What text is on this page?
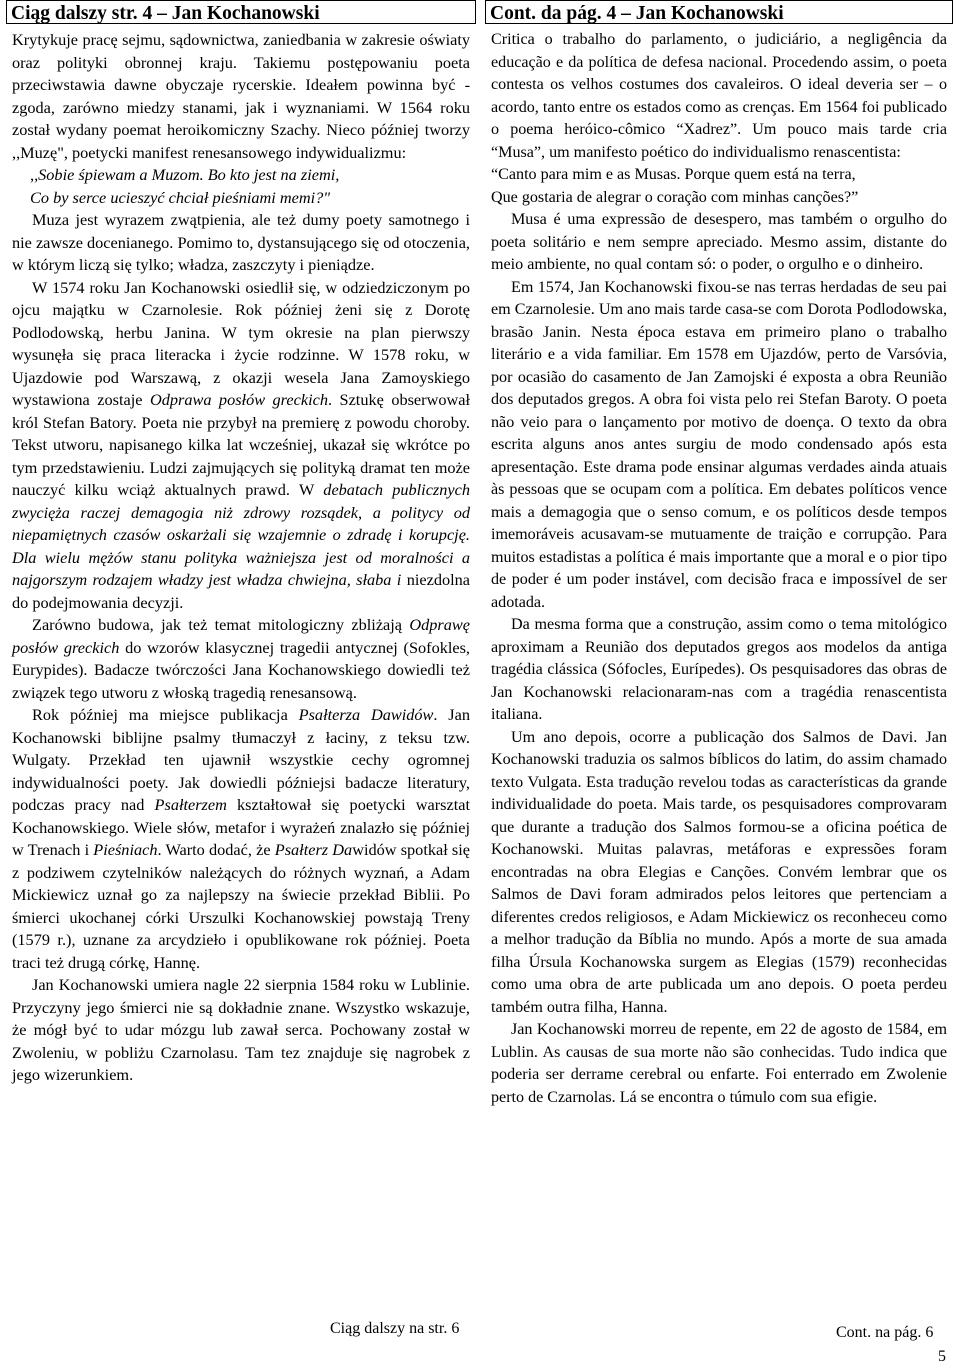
Ciąg dalszy str. 4 – Jan Kochanowski

Krytykuje pracę sejmu, sądownictwa, zaniedbania w zakresie oświaty oraz polityki obronnej kraju. Takiemu postępowaniu poeta przeciwstawia dawne obyczaje rycerskie. Ideałem powinna być - zgoda, zarówno miedzy stanami, jak i wyznaniami. W 1564 roku został wydany poemat heroikomiczny Szachy. Nieco później tworzy ,,Muzę", poetycki manifest renesansowego indywidualizmu:

,,Sobie śpiewam a Muzom. Bo kto jest na ziemi,

Co by serce ucieszyć chciał pieśniami memi?"

Muza jest wyrazem zwątpienia, ale też dumy poety samotnego i nie zawsze docenianego. Pomimo to, dystansującego się od otoczenia, w którym liczą się tylko; władza, zaszczyty i pieniądze.

W 1574 roku Jan Kochanowski osiedlił się, w odziedziczonym po ojcu majątku w Czarnolesie. Rok później żeni się z Dorotę Podlodowską, herbu Janina. W tym okresie na plan pierwszy wysunęła się praca literacka i życie rodzinne. W 1578 roku, w Ujazdowie pod Warszawą, z okazji wesela Jana Zamoyskiego wystawiona zostaje Odprawa posłów greckich. Sztukę obserwował król Stefan Batory. Poeta nie przybył na premierę z powodu choroby. Tekst utworu, napisanego kilka lat wcześniej, ukazał się wkrótce po tym przedstawieniu. Ludzi zajmujących się polityką dramat ten może nauczyć kilku wciąż aktualnych prawd. W debatach publicznych zwycięża raczej demagogia niż zdrowy rozsądek, a politycy od niepamiętnych czasów oskarżali się wzajemnie o zdradę i korupcję. Dla wielu mężów stanu polityka ważniejsza jest od moralności a najgorszym rodzajem władzy jest władza chwiejna, słaba i niezdolna do podejmowania decyzji.

Zarówno budowa, jak też temat mitologiczny zbliżają Odprawę posłów greckich do wzorów klasycznej tragedii antycznej (Sofokles, Eurypides). Badacze twórczości Jana Kochanowskiego dowiedli też związek tego utworu z włoską tragedią renesansową.

Rok później ma miejsce publikacja Psałterza Dawidów. Jan Kochanowski biblijne psalmy tłumaczył z łaciny, z teksu tzw. Wulgaty. Przekład ten ujawnił wszystkie cechy ogromnej indywidualności poety. Jak dowiedli późniejsi badacze literatury, podczas pracy nad Psałterzem kształtował się poetycki warsztat Kochanowskiego. Wiele słów, metafor i wyrażeń znalazło się później w Trenach i Pieśniach. Warto dodać, że Psałterz Dawidów spotkał się z podziwem czytelników należących do różnych wyznań, a Adam Mickiewicz uznał go za najlepszy na świecie przekład Biblii. Po śmierci ukochanej córki Urszulki Kochanowskiej powstają Treny (1579 r.), uznane za arcydzieło i opublikowane rok później. Poeta traci też drugą córkę, Hannę.

Jan Kochanowski umiera nagle 22 sierpnia 1584 roku w Lublinie. Przyczyny jego śmierci nie są dokładnie znane. Wszystko wskazuje, że mógł być to udar mózgu lub zawał serca. Pochowany został w Zwoleniu, w pobliżu Czarnolasu. Tam tez znajduje się nagrobek z jego wizerunkiem.

Ciąg dalszy na str. 6
Cont. da pág. 4 – Jan Kochanowski

Critica o trabalho do parlamento, o judiciário, a negligência da educação e da política de defesa nacional. Procedendo assim, o poeta contesta os velhos costumes dos cavaleiros. O ideal deveria ser – o acordo, tanto entre os estados como as crenças. Em 1564 foi publicado o poema heróico-cômico “Xadrez”. Um pouco mais tarde cria “Musa”, um manifesto poético do individualismo renascentista:

“Canto para mim e as Musas. Porque quem está na terra,

Que gostaria de alegrar o coração com minhas canções?”

Musa é uma expressão de desespero, mas também o orgulho do poeta solitário e nem sempre apreciado. Mesmo assim, distante do meio ambiente, no qual contam só: o poder, o orgulho e o dinheiro.

Em 1574, Jan Kochanowski fixou-se nas terras herdadas de seu pai em Czarnolesie. Um ano mais tarde casa-se com Dorota Podlodowska, brasão Janin. Nesta época estava em primeiro plano o trabalho literário e a vida familiar. Em 1578 em Ujazdów, perto de Varsóvia, por ocasião do casamento de Jan Zamojski é exposta a obra Reunião dos deputados gregos. A obra foi vista pelo rei Stefan Baroty. O poeta não veio para o lançamento por motivo de doença. O texto da obra escrita alguns anos antes surgiu de modo condensado após esta apresentação. Este drama pode ensinar algumas verdades ainda atuais às pessoas que se ocupam com a política. Em debates políticos vence mais a demagogia que o senso comum, e os políticos desde tempos imemoráveis acusavam-se mutuamente de traição e corrupção. Para muitos estadistas a política é mais importante que a moral e o pior tipo de poder é um poder instável, com decisão fraca e impossível de ser adotada.

Da mesma forma que a construção, assim como o tema mitológico aproximam a Reunião dos deputados gregos aos modelos da antiga tragédia clássica (Sófocles, Eurípedes). Os pesquisadores das obras de Jan Kochanowski relacionaram-nas com a tragédia renascentista italiana.

Um ano depois, ocorre a publicação dos Salmos de Davi. Jan Kochanowski traduzia os salmos bíblicos do latim, do assim chamado texto Vulgata. Esta tradução revelou todas as características da grande individualidade do poeta. Mais tarde, os pesquisadores comprovaram que durante a tradução dos Salmos formou-se a oficina poética de Kochanowski. Muitas palavras, metáforas e expressões foram encontradas na obra Elegias e Canções. Convém lembrar que os Salmos de Davi foram admirados pelos leitores que pertenciam a diferentes credos religiosos, e Adam Mickiewicz os reconheceu como a melhor tradução da Bíblia no mundo. Após a morte de sua amada filha Úrsula Kochanowska surgem as Elegias (1579) reconhecidas como uma obra de arte publicada um ano depois. O poeta perdeu também outra filha, Hanna.

Jan Kochanowski morreu de repente, em 22 de agosto de 1584, em Lublin. As causas de sua morte não são conhecidas. Tudo indica que poderia ser derrame cerebral ou enfarte. Foi enterrado em Zwolenie perto de Czarnolas. Lá se encontra o túmulo com sua efigie.

Cont. na pág. 6
5
